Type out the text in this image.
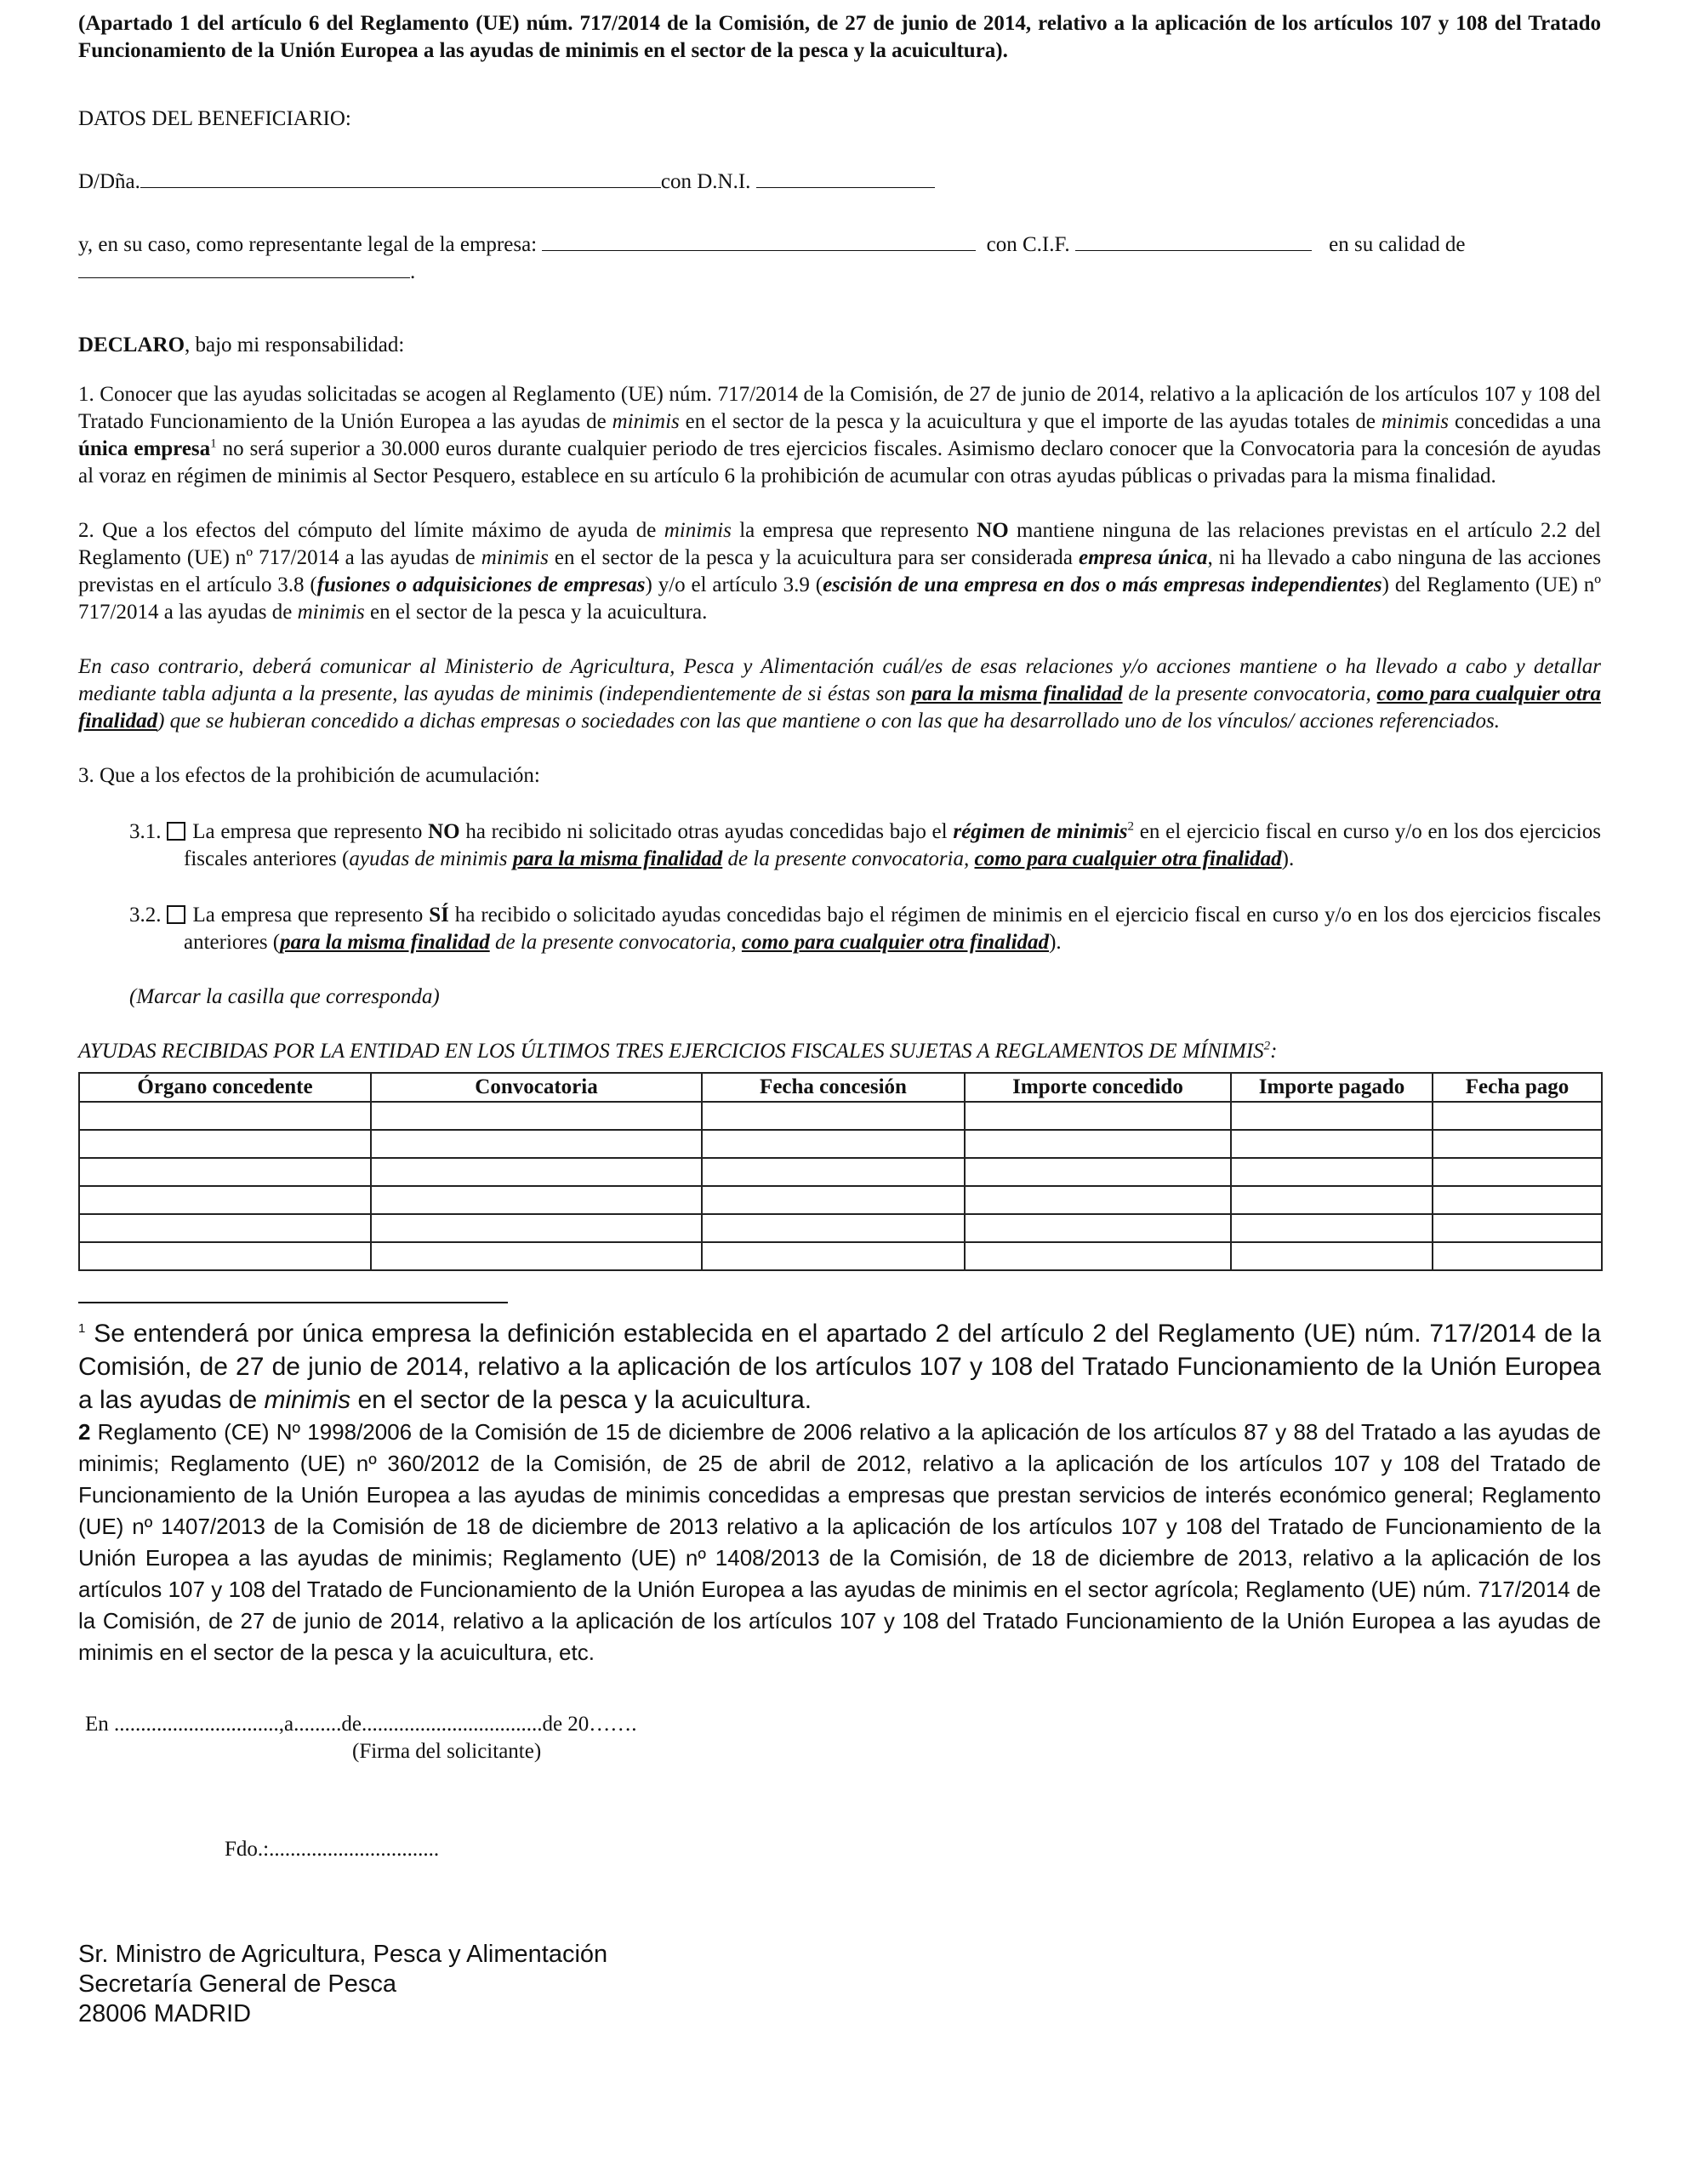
(Apartado 1 del artículo 6 del Reglamento (UE) núm. 717/2014 de la Comisión, de 27 de junio de 2014, relativo a la aplicación de los artículos 107 y 108 del Tratado Funcionamiento de la Unión Europea a las ayudas de minimis en el sector de la pesca y la acuicultura).

DATOS DEL BENEFICIARIO:

D/Dña.	con D.N.I.

y, en su caso, como representante legal de la empresa:	con C.I.F.	en su calidad de

.

DECLARO, bajo mi responsabilidad:

1. Conocer que las ayudas solicitadas se acogen al Reglamento (UE) núm. 717/2014 de la Comisión, de 27 de junio de 2014, relativo a la aplicación de los artículos 107 y 108 del Tratado Funcionamiento de la Unión Europea a las ayudas de minimis en el sector de la pesca y la acuicultura y que el importe de las ayudas totales de minimis concedidas a una única empresa$^1$ no será superior a 30.000 euros durante cualquier periodo de tres ejercicios fiscales. Asimismo declaro conocer que la Convocatoria para la concesión de ayudas al voraz en régimen de minimis al Sector Pesquero, establece en su artículo 6 la prohibición de acumular con otras ayudas públicas o privadas para la misma finalidad.

2. Que a los efectos del cómputo del límite máximo de ayuda de minimis la empresa que represento NO mantiene ninguna de las relaciones previstas en el artículo 2.2 del Reglamento (UE) nº 717/2014 a las ayudas de minimis en el sector de la pesca y la acuicultura para ser considerada empresa única, ni ha llevado a cabo ninguna de las acciones previstas en el artículo 3.8 (fusiones o adquisiciones de empresas) y/o el artículo 3.9 (escisión de una empresa en dos o más empresas independientes) del Reglamento (UE) nº 717/2014 a las ayudas de minimis en el sector de la pesca y la acuicultura.

En caso contrario, deberá comunicar al Ministerio de Agricultura, Pesca y Alimentación cuál/es de esas relaciones y/o acciones mantiene o ha llevado a cabo y detallar mediante tabla adjunta a la presente, las ayudas de minimis (independientemente de si éstas son para la misma finalidad de la presente convocatoria, como para cualquier otra finalidad) que se hubieran concedido a dichas empresas o sociedades con las que mantiene o con las que ha desarrollado uno de los vínculos/ acciones referenciados.

3. Que a los efectos de la prohibición de acumulación:

3.1. La empresa que represento NO ha recibido ni solicitado otras ayudas concedidas bajo el régimen de minimis$^2$ en el ejercicio fiscal en curso y/o en los dos ejercicios fiscales anteriores (ayudas de minimis para la misma finalidad de la presente convocatoria, como para cualquier otra finalidad).

3.2. La empresa que represento SÍ ha recibido o solicitado ayudas concedidas bajo el régimen de minimis en el ejercicio fiscal en curso y/o en los dos ejercicios fiscales anteriores (para la misma finalidad de la presente convocatoria, como para cualquier otra finalidad).

(Marcar la casilla que corresponda)

AYUDAS RECIBIDAS POR LA ENTIDAD EN LOS ÚLTIMOS TRES EJERCICIOS FISCALES SUJETAS A REGLAMENTOS DE MÍNIMIS$^2$:

Órgano concedente	Convocatoria	Fecha concesión	Importe concedido	Importe pagado	Fecha pago

$^1$ Se entenderá por única empresa la definición establecida en el apartado 2 del artículo 2 del Reglamento (UE) núm. 717/2014 de la Comisión, de 27 de junio de 2014, relativo a la aplicación de los artículos 107 y 108 del Tratado Funcionamiento de la Unión Europea a las ayudas de minimis en el sector de la pesca y la acuicultura.

2 Reglamento (CE) Nº 1998/2006 de la Comisión de 15 de diciembre de 2006 relativo a la aplicación de los artículos 87 y 88 del Tratado a las ayudas de minimis; Reglamento (UE) nº 360/2012 de la Comisión, de 25 de abril de 2012, relativo a la aplicación de los artículos 107 y 108 del Tratado de Funcionamiento de la Unión Europea a las ayudas de minimis concedidas a empresas que prestan servicios de interés económico general; Reglamento (UE) nº 1407/2013 de la Comisión de 18 de diciembre de 2013 relativo a la aplicación de los artículos 107 y 108 del Tratado de Funcionamiento de la Unión Europea a las ayudas de minimis; Reglamento (UE) nº 1408/2013 de la Comisión, de 18 de diciembre de 2013, relativo a la aplicación de los artículos 107 y 108 del Tratado de Funcionamiento de la Unión Europea a las ayudas de minimis en el sector agrícola; Reglamento (UE) núm. 717/2014 de la Comisión, de 27 de junio de 2014, relativo a la aplicación de los artículos 107 y 108 del Tratado Funcionamiento de la Unión Europea a las ayudas de minimis en el sector de la pesca y la acuicultura, etc.

En ...............................,a.........de..................................de 20…….

(Firma del solicitante)

Fdo.:................................

Sr. Ministro de Agricultura, Pesca y Alimentación

Secretaría General de Pesca

28006 MADRID
